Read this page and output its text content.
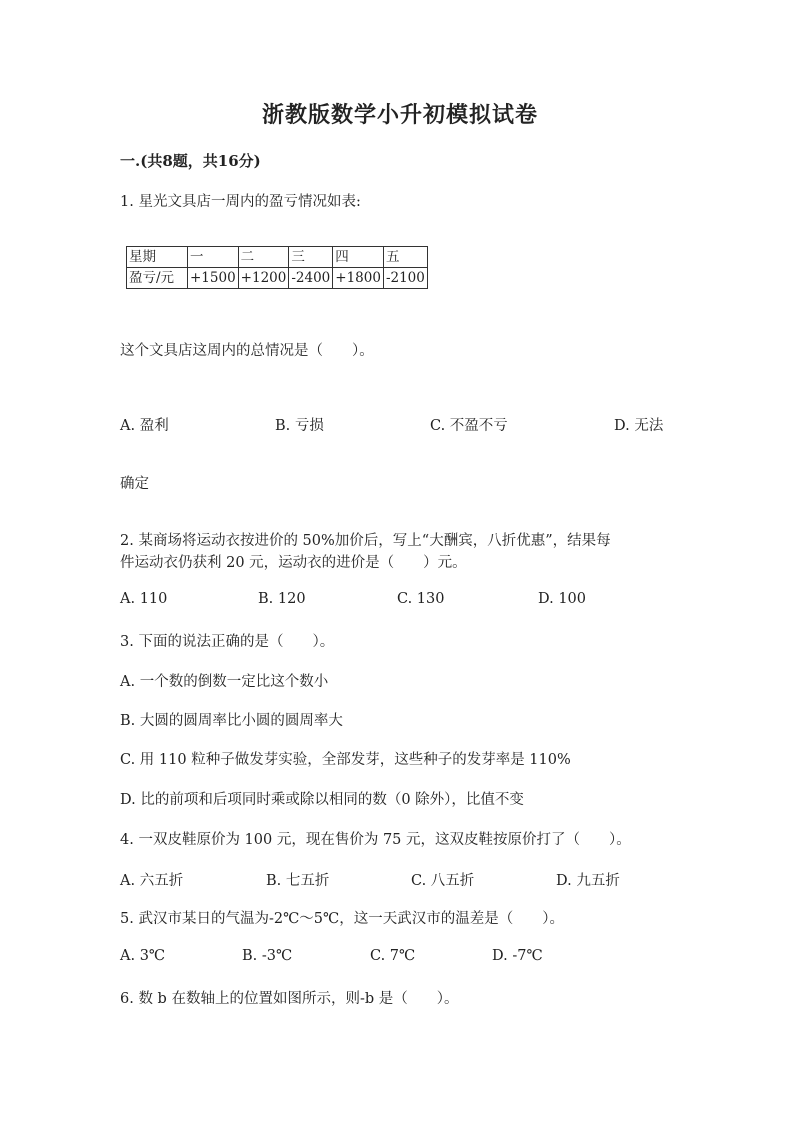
浙教版数学小升初模拟试卷
一.(共8题，共16分)
1. 星光文具店一周内的盈亏情况如表:
星期	一	二	三	四	五
盈亏/元	+1500	+1200	-2400	+1800	-2100
这个文具店这周内的总情况是（　　）。
A. 盈利	B. 亏损	C. 不盈不亏	D. 无法
确定
2. 某商场将运动衣按进价的 50%加价后，写上“大酬宾，八折优惠”，结果每
件运动衣仍获利 20 元，运动衣的进价是（　　）元。
A. 110	B. 120	C. 130	D. 100
3. 下面的说法正确的是（　　）。
A. 一个数的倒数一定比这个数小
B. 大圆的圆周率比小圆的圆周率大
C. 用 110 粒种子做发芽实验，全部发芽，这些种子的发芽率是 110%
D. 比的前项和后项同时乘或除以相同的数（0 除外），比值不变
4. 一双皮鞋原价为 100 元，现在售价为 75 元，这双皮鞋按原价打了（　　）。
A. 六五折	B. 七五折	C. 八五折	D. 九五折
5. 武汉市某日的气温为-2℃～5℃，这一天武汉市的温差是（　　）。
A. 3℃	B. -3℃	C. 7℃	D. -7℃
6. 数 b 在数轴上的位置如图所示，则-b 是（　　）。
